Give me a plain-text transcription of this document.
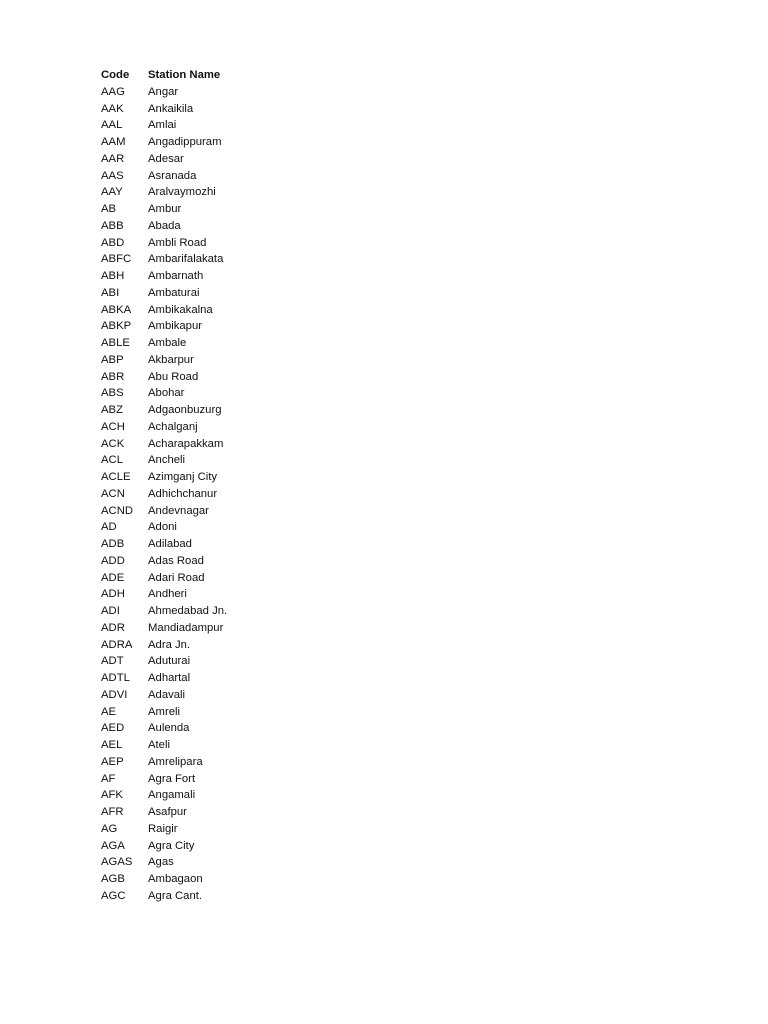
Code	Station Name
AAG	Angar
AAK	Ankaikila
AAL	Amlai
AAM	Angadippuram
AAR	Adesar
AAS	Asranada
AAY	Aralvaymozhi
AB	Ambur
ABB	Abada
ABD	Ambli Road
ABFC	Ambarifalakata
ABH	Ambarnath
ABI	Ambaturai
ABKA	Ambikakalna
ABKP	Ambikapur
ABLE	Ambale
ABP	Akbarpur
ABR	Abu Road
ABS	Abohar
ABZ	Adgaonbuzurg
ACH	Achalganj
ACK	Acharapakkam
ACL	Ancheli
ACLE	Azimganj City
ACN	Adhichchanur
ACND	Andevnagar
AD	Adoni
ADB	Adilabad
ADD	Adas Road
ADE	Adari Road
ADH	Andheri
ADI	Ahmedabad Jn.
ADR	Mandiadampur
ADRA	Adra Jn.
ADT	Aduturai
ADTL	Adhartal
ADVI	Adavali
AE	Amreli
AED	Aulenda
AEL	Ateli
AEP	Amrelipara
AF	Agra Fort
AFK	Angamali
AFR	Asafpur
AG	Raigir
AGA	Agra City
AGAS	Agas
AGB	Ambagaon
AGC	Agra Cant.
